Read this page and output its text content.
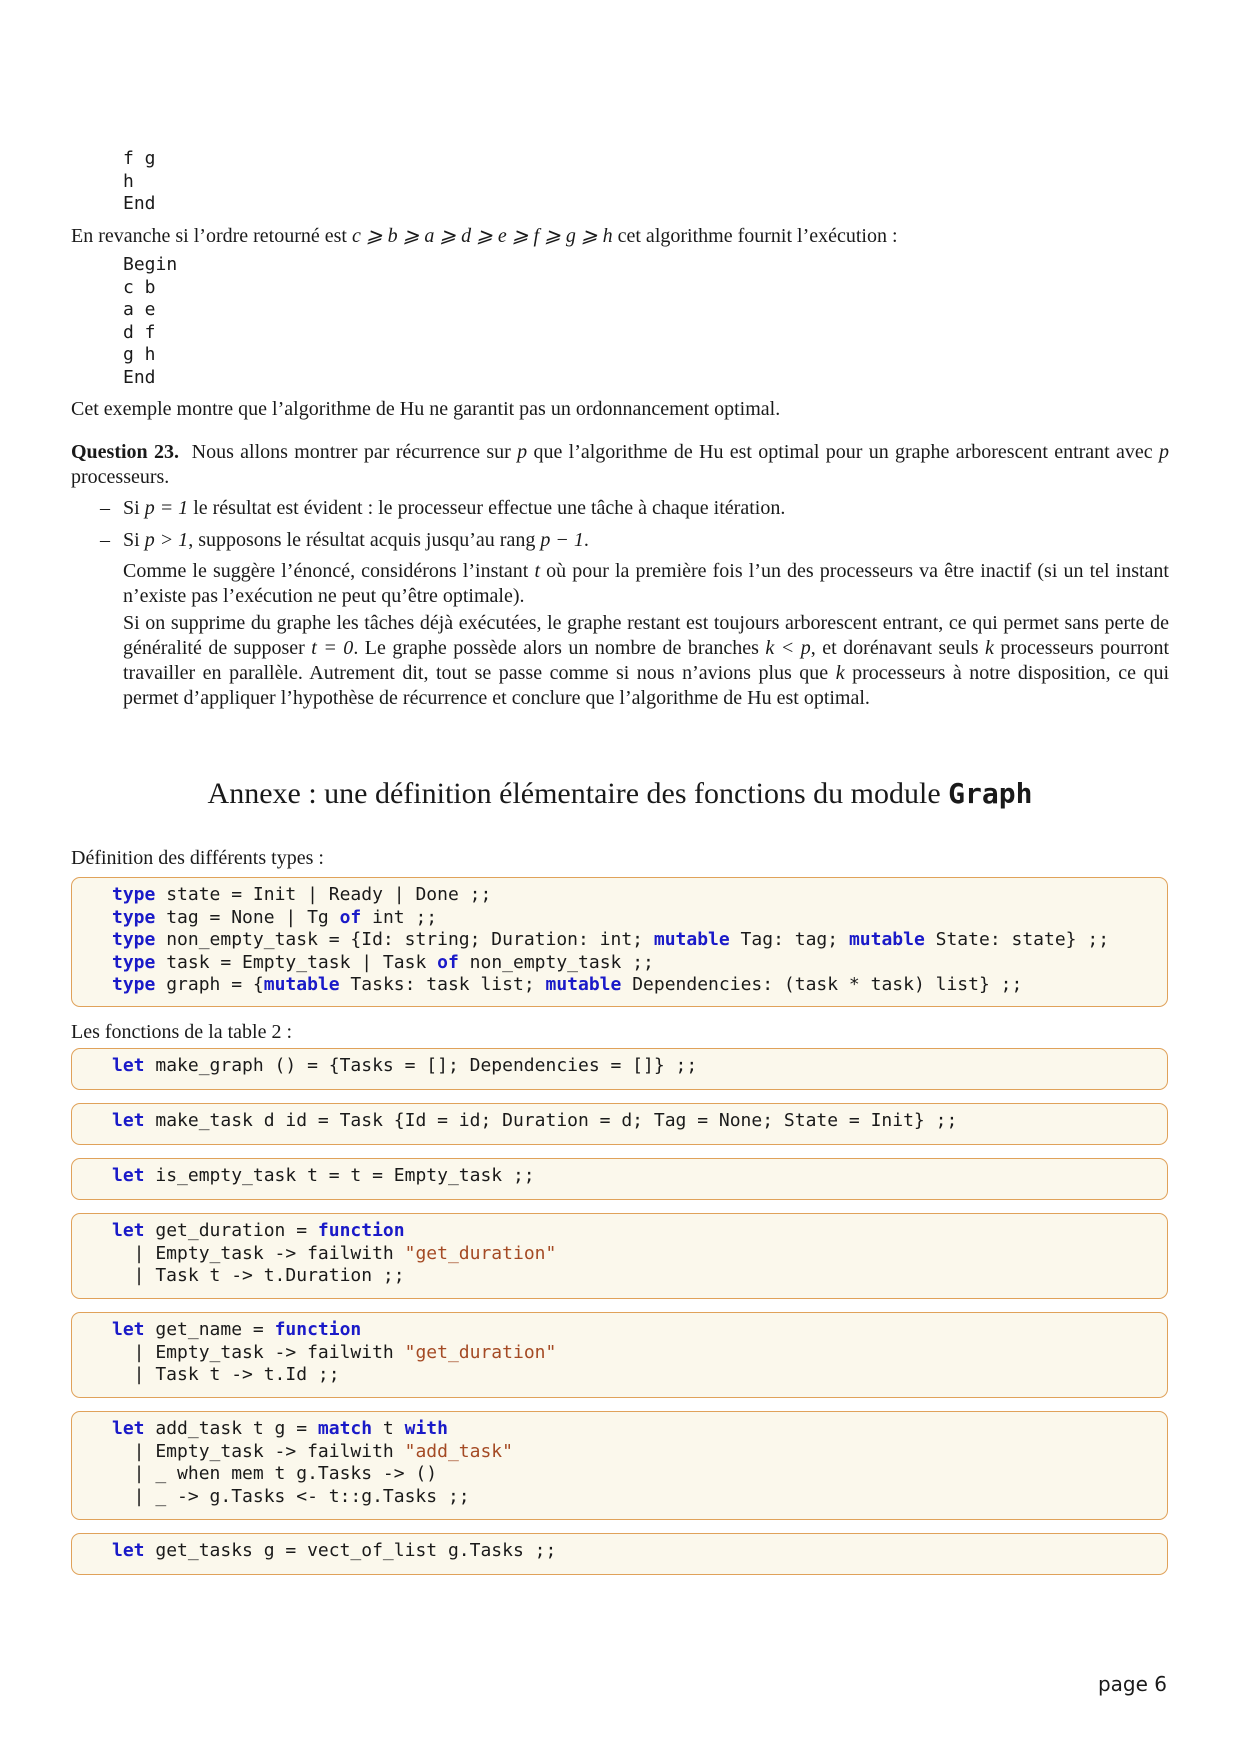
f g
h
End
En revanche si l’ordre retourné est c ⩾ b ⩾ a ⩾ d ⩾ e ⩾ f ⩾ g ⩾ h cet algorithme fournit l’exécution :
Begin
c b
a e
d f
g h
End
Cet exemple montre que l’algorithme de Hu ne garantit pas un ordonnancement optimal.
Question 23. Nous allons montrer par récurrence sur p que l’algorithme de Hu est optimal pour un graphe arborescent entrant avec p processeurs.
– Si p = 1 le résultat est évident : le processeur effectue une tâche à chaque itération.
– Si p > 1, supposons le résultat acquis jusqu’au rang p − 1.
Comme le suggère l’énoncé, considérons l’instant t où pour la première fois l’un des processeurs va être inactif (si un tel instant n’existe pas l’exécution ne peut qu’être optimale).
Si on supprime du graphe les tâches déjà exécutées, le graphe restant est toujours arborescent entrant, ce qui permet sans perte de généralité de supposer t = 0. Le graphe possède alors un nombre de branches k < p, et dorénavant seuls k processeurs pourront travailler en parallèle. Autrement dit, tout se passe comme si nous n’avions plus que k processeurs à notre disposition, ce qui permet d’appliquer l’hypothèse de récurrence et conclure que l’algorithme de Hu est optimal.
Annexe : une définition élémentaire des fonctions du module Graph
Définition des différents types :
type state = Init | Ready | Done ;;
type tag = None | Tg of int ;;
type non_empty_task = {Id: string; Duration: int; mutable Tag: tag; mutable State: state} ;;
type task = Empty_task | Task of non_empty_task ;;
type graph = {mutable Tasks: task list; mutable Dependencies: (task * task) list} ;;
Les fonctions de la table 2 :
let make_graph () = {Tasks = []; Dependencies = []} ;;
let make_task d id = Task {Id = id; Duration = d; Tag = None; State = Init} ;;
let is_empty_task t = t = Empty_task ;;
let get_duration = function
| Empty_task -> failwith "get_duration"
| Task t -> t.Duration ;;
let get_name = function
| Empty_task -> failwith "get_duration"
| Task t -> t.Id ;;
let add_task t g = match t with
| Empty_task -> failwith "add_task"
| _ when mem t g.Tasks -> ()
| _ -> g.Tasks <- t::g.Tasks ;;
let get_tasks g = vect_of_list g.Tasks ;;
page 6
